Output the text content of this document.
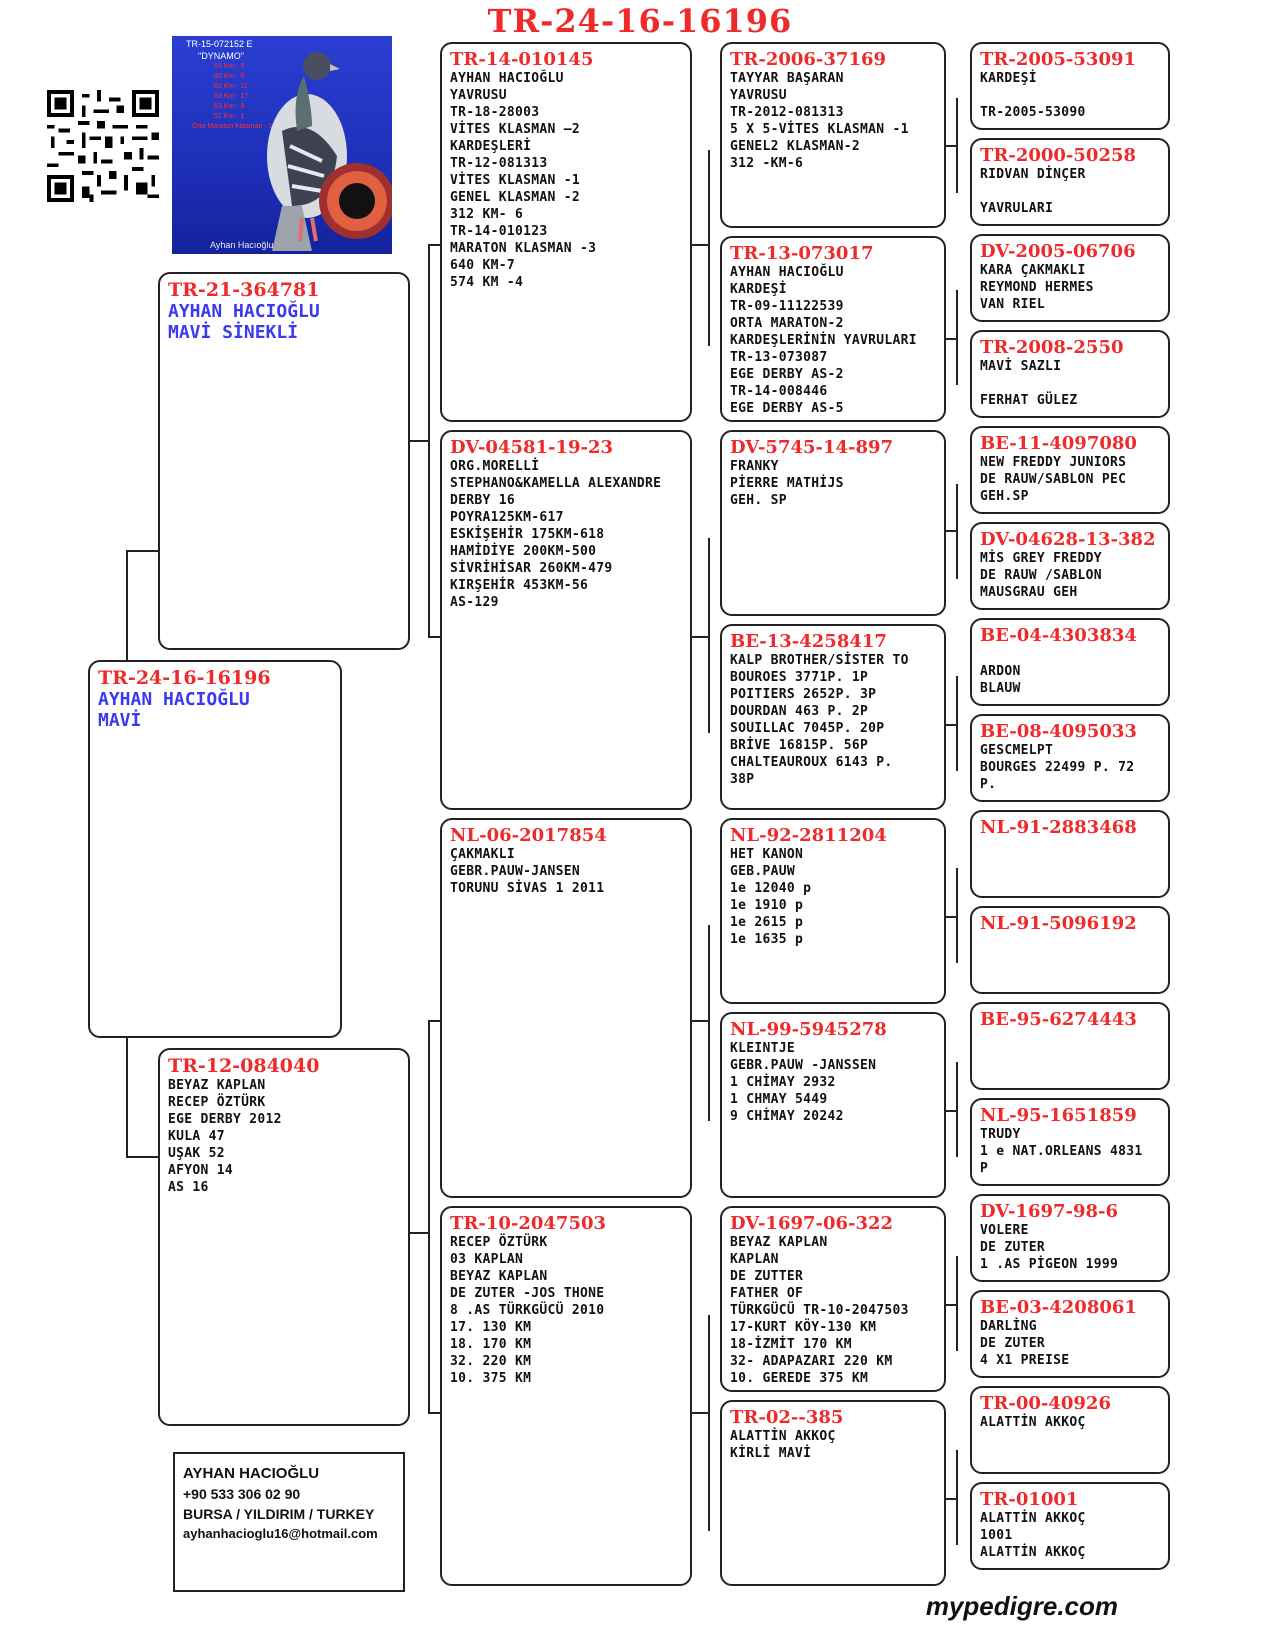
TR-24-16-16196
TR-15-072152 E
"DYNAMO"
63 Km - 5
63 Km - 6
63 Km - 11
63 Km - 17
63 Km - 8
51 Km - 1
Orta Maraton Klasman - 1
Ayhan Hacıoğlu
TR-24-16-16196
AYHAN HACIOĞLU
MAVİ
TR-21-364781
AYHAN HACIOĞLU
MAVİ SİNEKLİ
TR-12-084040
BEYAZ KAPLAN
RECEP ÖZTÜRK
EGE DERBY 2012
KULA 47
UŞAK 52
AFYON 14
AS 16
AYHAN HACIOĞLU
+90 533 306 02 90
BURSA / YILDIRIM / TURKEY
ayhanhacioglu16@hotmail.com
mypedigre.com
TR-14-010145
AYHAN HACIOĞLU
YAVRUSU
TR-18-28003
VİTES KLASMAN —2
KARDEŞLERİ
TR-12-081313
VİTES KLASMAN -1
GENEL KLASMAN -2
312 KM- 6
TR-14-010123
MARATON KLASMAN -3
640 KM-7
574 KM -4
DV-04581-19-23
ORG.MORELLİ
STEPHANO&KAMELLA ALEXANDRE
DERBY 16
POYRA125KM-617
ESKİŞEHİR 175KM-618
HAMİDİYE 200KM-500
SİVRİHİSAR 260KM-479
KIRŞEHİR 453KM-56
AS-129
NL-06-2017854
ÇAKMAKLI
GEBR.PAUW-JANSEN
TORUNU SİVAS 1 2011
TR-10-2047503
RECEP ÖZTÜRK
03 KAPLAN
BEYAZ KAPLAN
DE ZUTER -JOS THONE
8 .AS TÜRKGÜCÜ 2010
17. 130 KM
18. 170 KM
32. 220 KM
10. 375 KM
TR-2006-37169
TAYYAR BAŞARAN
YAVRUSU
TR-2012-081313
5 X 5-VİTES KLASMAN -1
GENEL2 KLASMAN-2
312 -KM-6
TR-13-073017
AYHAN HACIOĞLU
KARDEŞİ
TR-09-11122539
ORTA MARATON-2
KARDEŞLERİNİN YAVRULARI
TR-13-073087
EGE DERBY AS-2
TR-14-008446
EGE DERBY AS-5
DV-5745-14-897
FRANKY
PİERRE MATHİJS
GEH. SP
BE-13-4258417
KALP BROTHER/SİSTER TO
BOUROES 3771P. 1P
POITIERS 2652P. 3P
DOURDAN 463 P. 2P
SOUILLAC 7045P. 20P
BRİVE 16815P. 56P
CHALTEAUROUX 6143 P.
38P
NL-92-2811204
HET KANON
GEB.PAUW
1e 12040 p
1e 1910 p
1e 2615 p
1e 1635 p
NL-99-5945278
KLEINTJE
GEBR.PAUW -JANSSEN
1 CHİMAY 2932
1 CHMAY 5449
9 CHİMAY 20242
DV-1697-06-322
BEYAZ KAPLAN
KAPLAN
DE ZUTTER
FATHER OF
TÜRKGÜCÜ TR-10-2047503
17-KURT KÖY-130 KM
18-İZMİT 170 KM
32- ADAPAZARI 220 KM
10. GEREDE 375 KM
TR-02--385
ALATTİN AKKOÇ
KİRLİ MAVİ
TR-2005-53091
KARDEŞİ

TR-2005-53090
TR-2000-50258
RIDVAN DİNÇER

YAVRULARI
DV-2005-06706
KARA ÇAKMAKLI
REYMOND HERMES
VAN RIEL
TR-2008-2550
MAVİ SAZLI

FERHAT GÜLEZ
BE-11-4097080
NEW FREDDY JUNIORS
DE RAUW/SABLON PEC
GEH.SP
DV-04628-13-382
MİS GREY FREDDY
DE RAUW /SABLON
MAUSGRAU GEH
BE-04-4303834

ARDON
BLAUW
BE-08-4095033
GESCMELPT
BOURGES 22499 P. 72
P.
NL-91-2883468
NL-91-5096192
BE-95-6274443
NL-95-1651859
TRUDY
1 e NAT.ORLEANS 4831
P
DV-1697-98-6
VOLERE
DE ZUTER
1 .AS PİGEON 1999
BE-03-4208061
DARLİNG
DE ZUTER
4 X1 PREISE
TR-00-40926
ALATTİN AKKOÇ
TR-01001
ALATTİN AKKOÇ
1001
ALATTİN AKKOÇ
